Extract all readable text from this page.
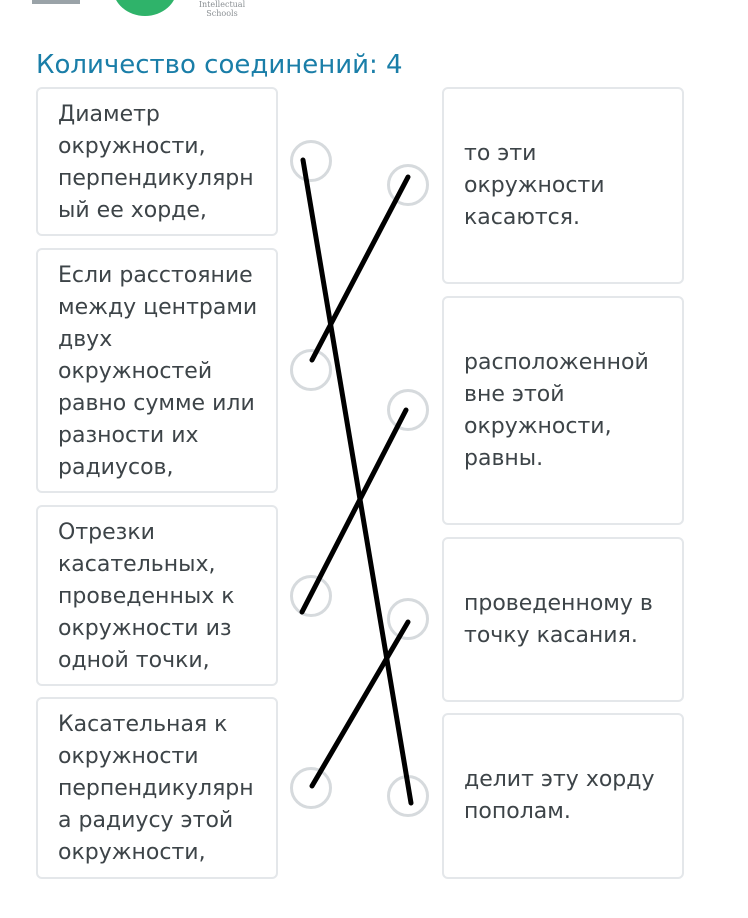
Intellectual Schools
Количество соединений: 4
Диаметр окружности, перпендикулярн ый ее хорде,
Если расстояние между центрами двух окружностей равно сумме или разности их радиусов,
Отрезки касательных, проведенных к окружности из одной точки,
Касательная к окружности перпендикулярн а радиусу этой окружности,
то эти окружности касаются.
расположенной вне этой окружности, равны.
проведенному в точку касания.
делит эту хорду пополам.
